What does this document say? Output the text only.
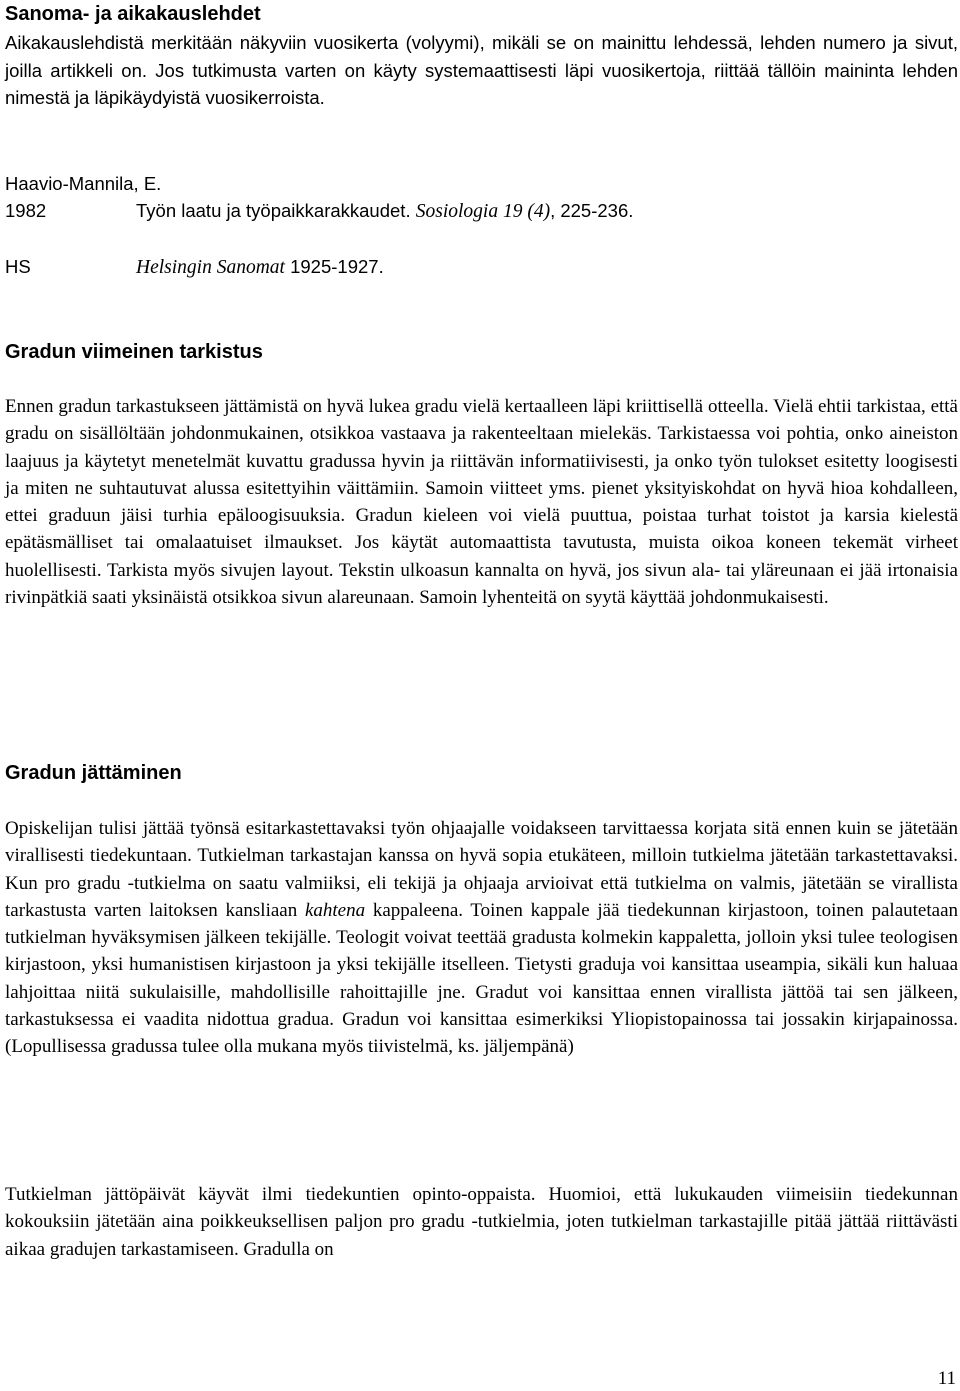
Sanoma- ja aikakauslehdet

Aikakauslehdistä merkitään näkyviin vuosikerta (volyymi), mikäli se on mainittu lehdessä, lehden numero ja sivut, joilla artikkeli on. Jos tutkimusta varten on käyty systemaattisesti läpi vuosikertoja, riittää tällöin maininta lehden nimestä ja läpikäydyistä vuosikerroista.

Haavio-Mannila, E.
1982	Työn laatu ja työpaikkarakkaudet. Sosiologia 19 (4), 225-236.
HS	Helsingin Sanomat 1925-1927.
Gradun viimeinen tarkistus

Ennen gradun tarkastukseen jättämistä on hyvä lukea gradu vielä kertaalleen läpi kriittisellä otteella. Vielä ehtii tarkistaa, että gradu on sisällöltään johdonmukainen, otsikkoa vastaava ja rakenteeltaan mielekäs. Tarkistaessa voi pohtia, onko aineiston laajuus ja käytetyt menetelmät kuvattu gradussa hyvin ja riittävän informatiivisesti, ja onko työn tulokset esitetty loogisesti ja miten ne suhtautuvat alussa esitettyihin väittämiin. Samoin viitteet yms. pienet yksityiskohdat on hyvä hioa kohdalleen, ettei graduun jäisi turhia epäloogisuuksia. Gradun kieleen voi vielä puuttua, poistaa turhat toistot ja karsia kielestä epätäsmälliset tai omalaatuiset ilmaukset. Jos käytät automaattista tavutusta, muista oikoa koneen tekemät virheet huolellisesti. Tarkista myös sivujen layout. Tekstin ulkoasun kannalta on hyvä, jos sivun ala- tai yläreunaan ei jää irtonaisia rivinpätkiä saati yksinäistä otsikkoa sivun alareunaan. Samoin lyhenteitä on syytä käyttää johdonmukaisesti.

Gradun jättäminen

Opiskelijan tulisi jättää työnsä esitarkastettavaksi työn ohjaajalle voidakseen tarvittaessa korjata sitä ennen kuin se jätetään virallisesti tiedekuntaan. Tutkielman tarkastajan kanssa on hyvä sopia etukäteen, milloin tutkielma jätetään tarkastettavaksi. Kun pro gradu -tutkielma on saatu valmiiksi, eli tekijä ja ohjaaja arvioivat että tutkielma on valmis, jätetään se virallista tarkastusta varten laitoksen kansliaan kahtena kappaleena. Toinen kappale jää tiedekunnan kirjastoon, toinen palautetaan tutkielman hyväksymisen jälkeen tekijälle. Teologit voivat teettää gradusta kolmekin kappaletta, jolloin yksi tulee teologisen kirjastoon, yksi humanistisen kirjastoon ja yksi tekijälle itselleen. Tietysti graduja voi kansittaa useampia, sikäli kun haluaa lahjoittaa niitä sukulaisille, mahdollisille rahoittajille jne. Gradut voi kansittaa ennen virallista jättöä tai sen jälkeen, tarkastuksessa ei vaadita nidottua gradua. Gradun voi kansittaa esimerkiksi Yliopistopainossa tai jossakin kirjapainossa. (Lopullisessa gradussa tulee olla mukana myös tiivistelmä, ks. jäljempänä)

Tutkielman jättöpäivät käyvät ilmi tiedekuntien opinto-oppaista. Huomioi, että lukukauden viimeisiin tiedekunnan kokouksiin jätetään aina poikkeuksellisen paljon pro gradu -tutkielmia, joten tutkielman tarkastajille pitää jättää riittävästi aikaa gradujen tarkastamiseen. Gradulla on

11
